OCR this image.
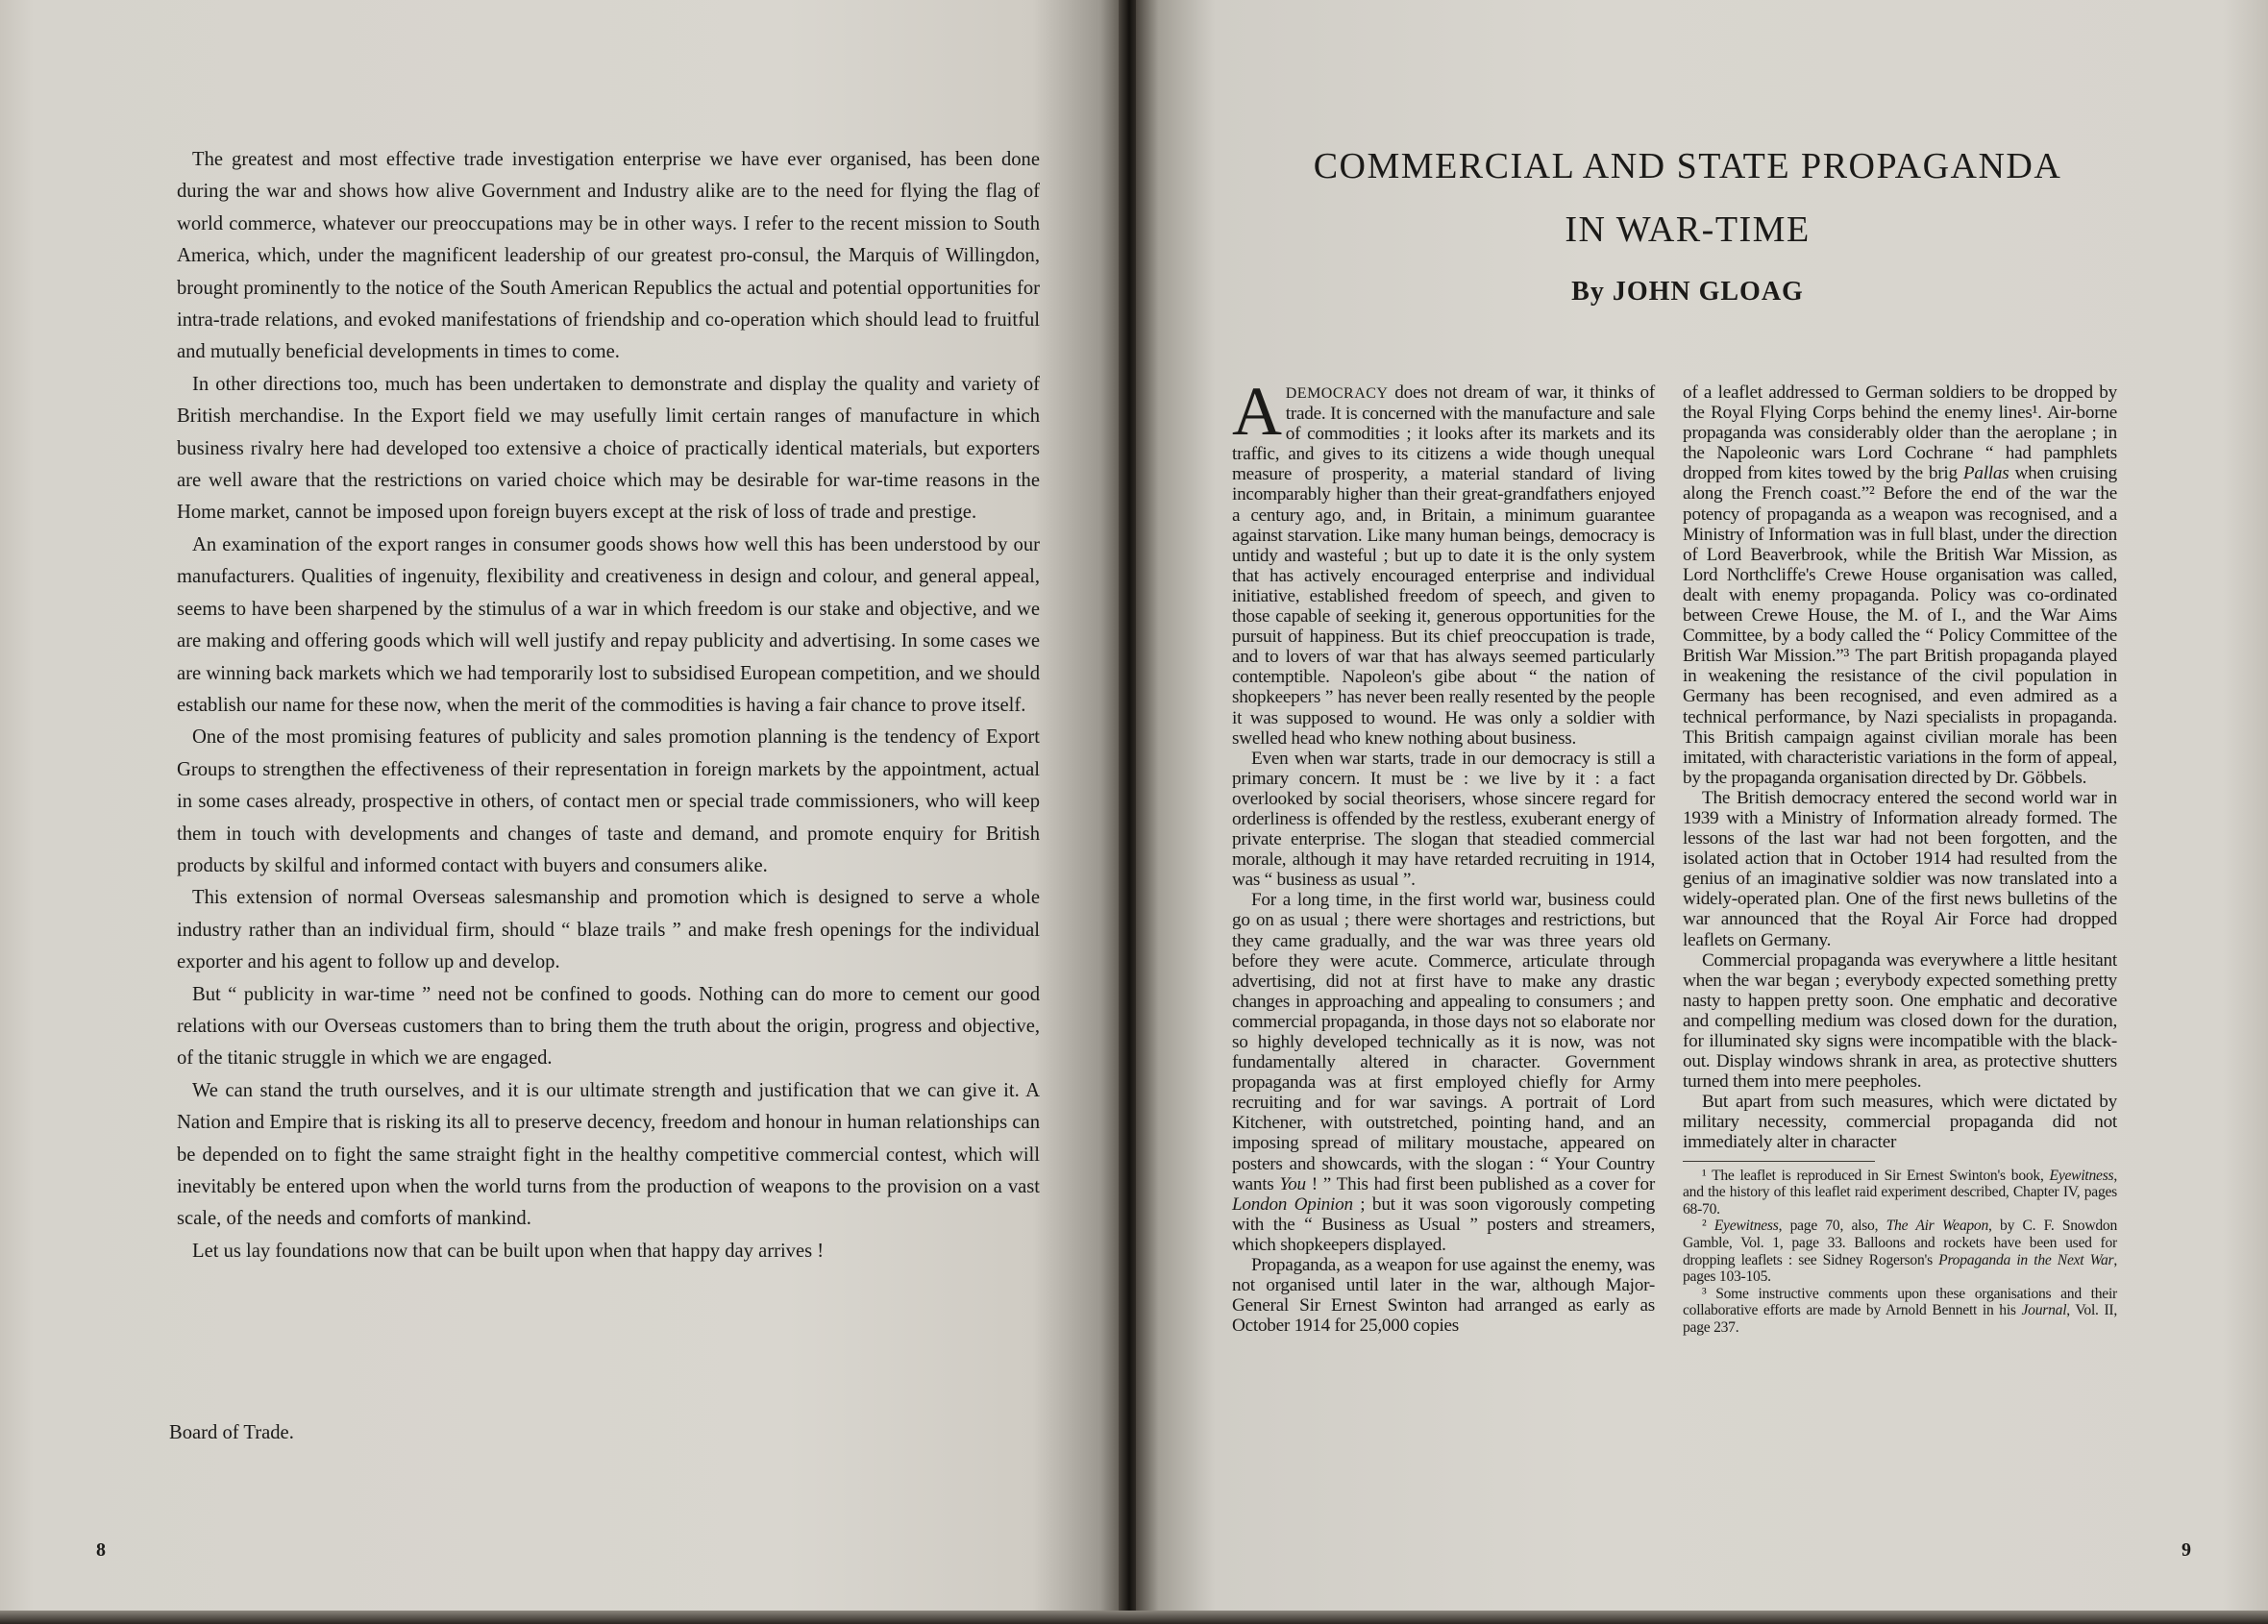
The greatest and most effective trade investigation enterprise we have ever organised, has been done during the war and shows how alive Government and Industry alike are to the need for flying the flag of world commerce, whatever our preoccupations may be in other ways. I refer to the recent mission to South America, which, under the magnificent leadership of our greatest pro-consul, the Marquis of Willingdon, brought prominently to the notice of the South American Republics the actual and potential opportunities for intra-trade relations, and evoked manifestations of friendship and co-operation which should lead to fruitful and mutually beneficial developments in times to come.

In other directions too, much has been undertaken to demonstrate and display the quality and variety of British merchandise. In the Export field we may usefully limit certain ranges of manufacture in which business rivalry here had developed too extensive a choice of practically identical materials, but exporters are well aware that the restrictions on varied choice which may be desirable for war-time reasons in the Home market, cannot be imposed upon foreign buyers except at the risk of loss of trade and prestige.

An examination of the export ranges in consumer goods shows how well this has been understood by our manufacturers. Qualities of ingenuity, flexibility and creativeness in design and colour, and general appeal, seems to have been sharpened by the stimulus of a war in which freedom is our stake and objective, and we are making and offering goods which will well justify and repay publicity and advertising. In some cases we are winning back markets which we had temporarily lost to subsidised European competition, and we should establish our name for these now, when the merit of the commodities is having a fair chance to prove itself.

One of the most promising features of publicity and sales promotion planning is the tendency of Export Groups to strengthen the effectiveness of their representation in foreign markets by the appointment, actual in some cases already, prospective in others, of contact men or special trade commissioners, who will keep them in touch with developments and changes of taste and demand, and promote enquiry for British products by skilful and informed contact with buyers and consumers alike.

This extension of normal Overseas salesmanship and promotion which is designed to serve a whole industry rather than an individual firm, should “ blaze trails ” and make fresh openings for the individual exporter and his agent to follow up and develop.

But “ publicity in war-time ” need not be confined to goods. Nothing can do more to cement our good relations with our Overseas customers than to bring them the truth about the origin, progress and objective, of the titanic struggle in which we are engaged.

We can stand the truth ourselves, and it is our ultimate strength and justification that we can give it. A Nation and Empire that is risking its all to preserve decency, freedom and honour in human relationships can be depended on to fight the same straight fight in the healthy competitive commercial contest, which will inevitably be entered upon when the world turns from the production of weapons to the provision on a vast scale, of the needs and comforts of mankind.

Let us lay foundations now that can be built upon when that happy day arrives !

Board of Trade.
8
COMMERCIAL AND STATE PROPAGANDA
IN WAR-TIME
By JOHN GLOAG

ADEMOCRACY does not dream of war, it thinks of trade. It is concerned with the manufacture and sale of commodities ; it looks after its markets and its traffic, and gives to its citizens a wide though unequal measure of prosperity, a material standard of living incomparably higher than their great-grandfathers enjoyed a century ago, and, in Britain, a minimum guarantee against starvation. Like many human beings, democracy is untidy and wasteful ; but up to date it is the only system that has actively encouraged enterprise and individual initiative, established freedom of speech, and given to those capable of seeking it, generous opportunities for the pursuit of happiness. But its chief preoccupation is trade, and to lovers of war that has always seemed particularly contemptible. Napoleon's gibe about “ the nation of shopkeepers ” has never been really resented by the people it was supposed to wound. He was only a soldier with swelled head who knew nothing about business.

Even when war starts, trade in our democracy is still a primary concern. It must be : we live by it : a fact overlooked by social theorisers, whose sincere regard for orderliness is offended by the restless, exuberant energy of private enterprise. The slogan that steadied commercial morale, although it may have retarded recruiting in 1914, was “ business as usual ”.

For a long time, in the first world war, business could go on as usual ; there were shortages and restrictions, but they came gradually, and the war was three years old before they were acute. Commerce, articulate through advertising, did not at first have to make any drastic changes in approaching and appealing to consumers ; and commercial propaganda, in those days not so elaborate nor so highly developed technically as it is now, was not fundamentally altered in character. Government propaganda was at first employed chiefly for Army recruiting and for war savings. A portrait of Lord Kitchener, with outstretched, pointing hand, and an imposing spread of military moustache, appeared on posters and showcards, with the slogan : “ Your Country wants You ! ” This had first been published as a cover for London Opinion ; but it was soon vigorously competing with the “ Business as Usual ” posters and streamers, which shopkeepers displayed.

Propaganda, as a weapon for use against the enemy, was not organised until later in the war, although Major-General Sir Ernest Swinton had arranged as early as October 1914 for 25,000 copies

of a leaflet addressed to German soldiers to be dropped by the Royal Flying Corps behind the enemy lines¹. Air-borne propaganda was considerably older than the aeroplane ; in the Napoleonic wars Lord Cochrane “ had pamphlets dropped from kites towed by the brig Pallas when cruising along the French coast.”² Before the end of the war the potency of propaganda as a weapon was recognised, and a Ministry of Information was in full blast, under the direction of Lord Beaverbrook, while the British War Mission, as Lord Northcliffe's Crewe House organisation was called, dealt with enemy propaganda. Policy was co-ordinated between Crewe House, the M. of I., and the War Aims Committee, by a body called the “ Policy Committee of the British War Mission.”³ The part British propaganda played in weakening the resistance of the civil population in Germany has been recognised, and even admired as a technical performance, by Nazi specialists in propaganda. This British campaign against civilian morale has been imitated, with characteristic variations in the form of appeal, by the propaganda organisation directed by Dr. Göbbels.

The British democracy entered the second world war in 1939 with a Ministry of Information already formed. The lessons of the last war had not been forgotten, and the isolated action that in October 1914 had resulted from the genius of an imaginative soldier was now translated into a widely-operated plan. One of the first news bulletins of the war announced that the Royal Air Force had dropped leaflets on Germany.

Commercial propaganda was everywhere a little hesitant when the war began ; everybody expected something pretty nasty to happen pretty soon. One emphatic and decorative and compelling medium was closed down for the duration, for illuminated sky signs were incompatible with the black-out. Display windows shrank in area, as protective shutters turned them into mere peepholes.

But apart from such measures, which were dictated by military necessity, commercial propaganda did not immediately alter in character

¹ The leaflet is reproduced in Sir Ernest Swinton's book, Eyewitness, and the history of this leaflet raid experiment described, Chapter IV, pages 68-70.

² Eyewitness, page 70, also, The Air Weapon, by C. F. Snowdon Gamble, Vol. 1, page 33. Balloons and rockets have been used for dropping leaflets : see Sidney Rogerson's Propaganda in the Next War, pages 103-105.

³ Some instructive comments upon these organisations and their collaborative efforts are made by Arnold Bennett in his Journal, Vol. II, page 237.

9
